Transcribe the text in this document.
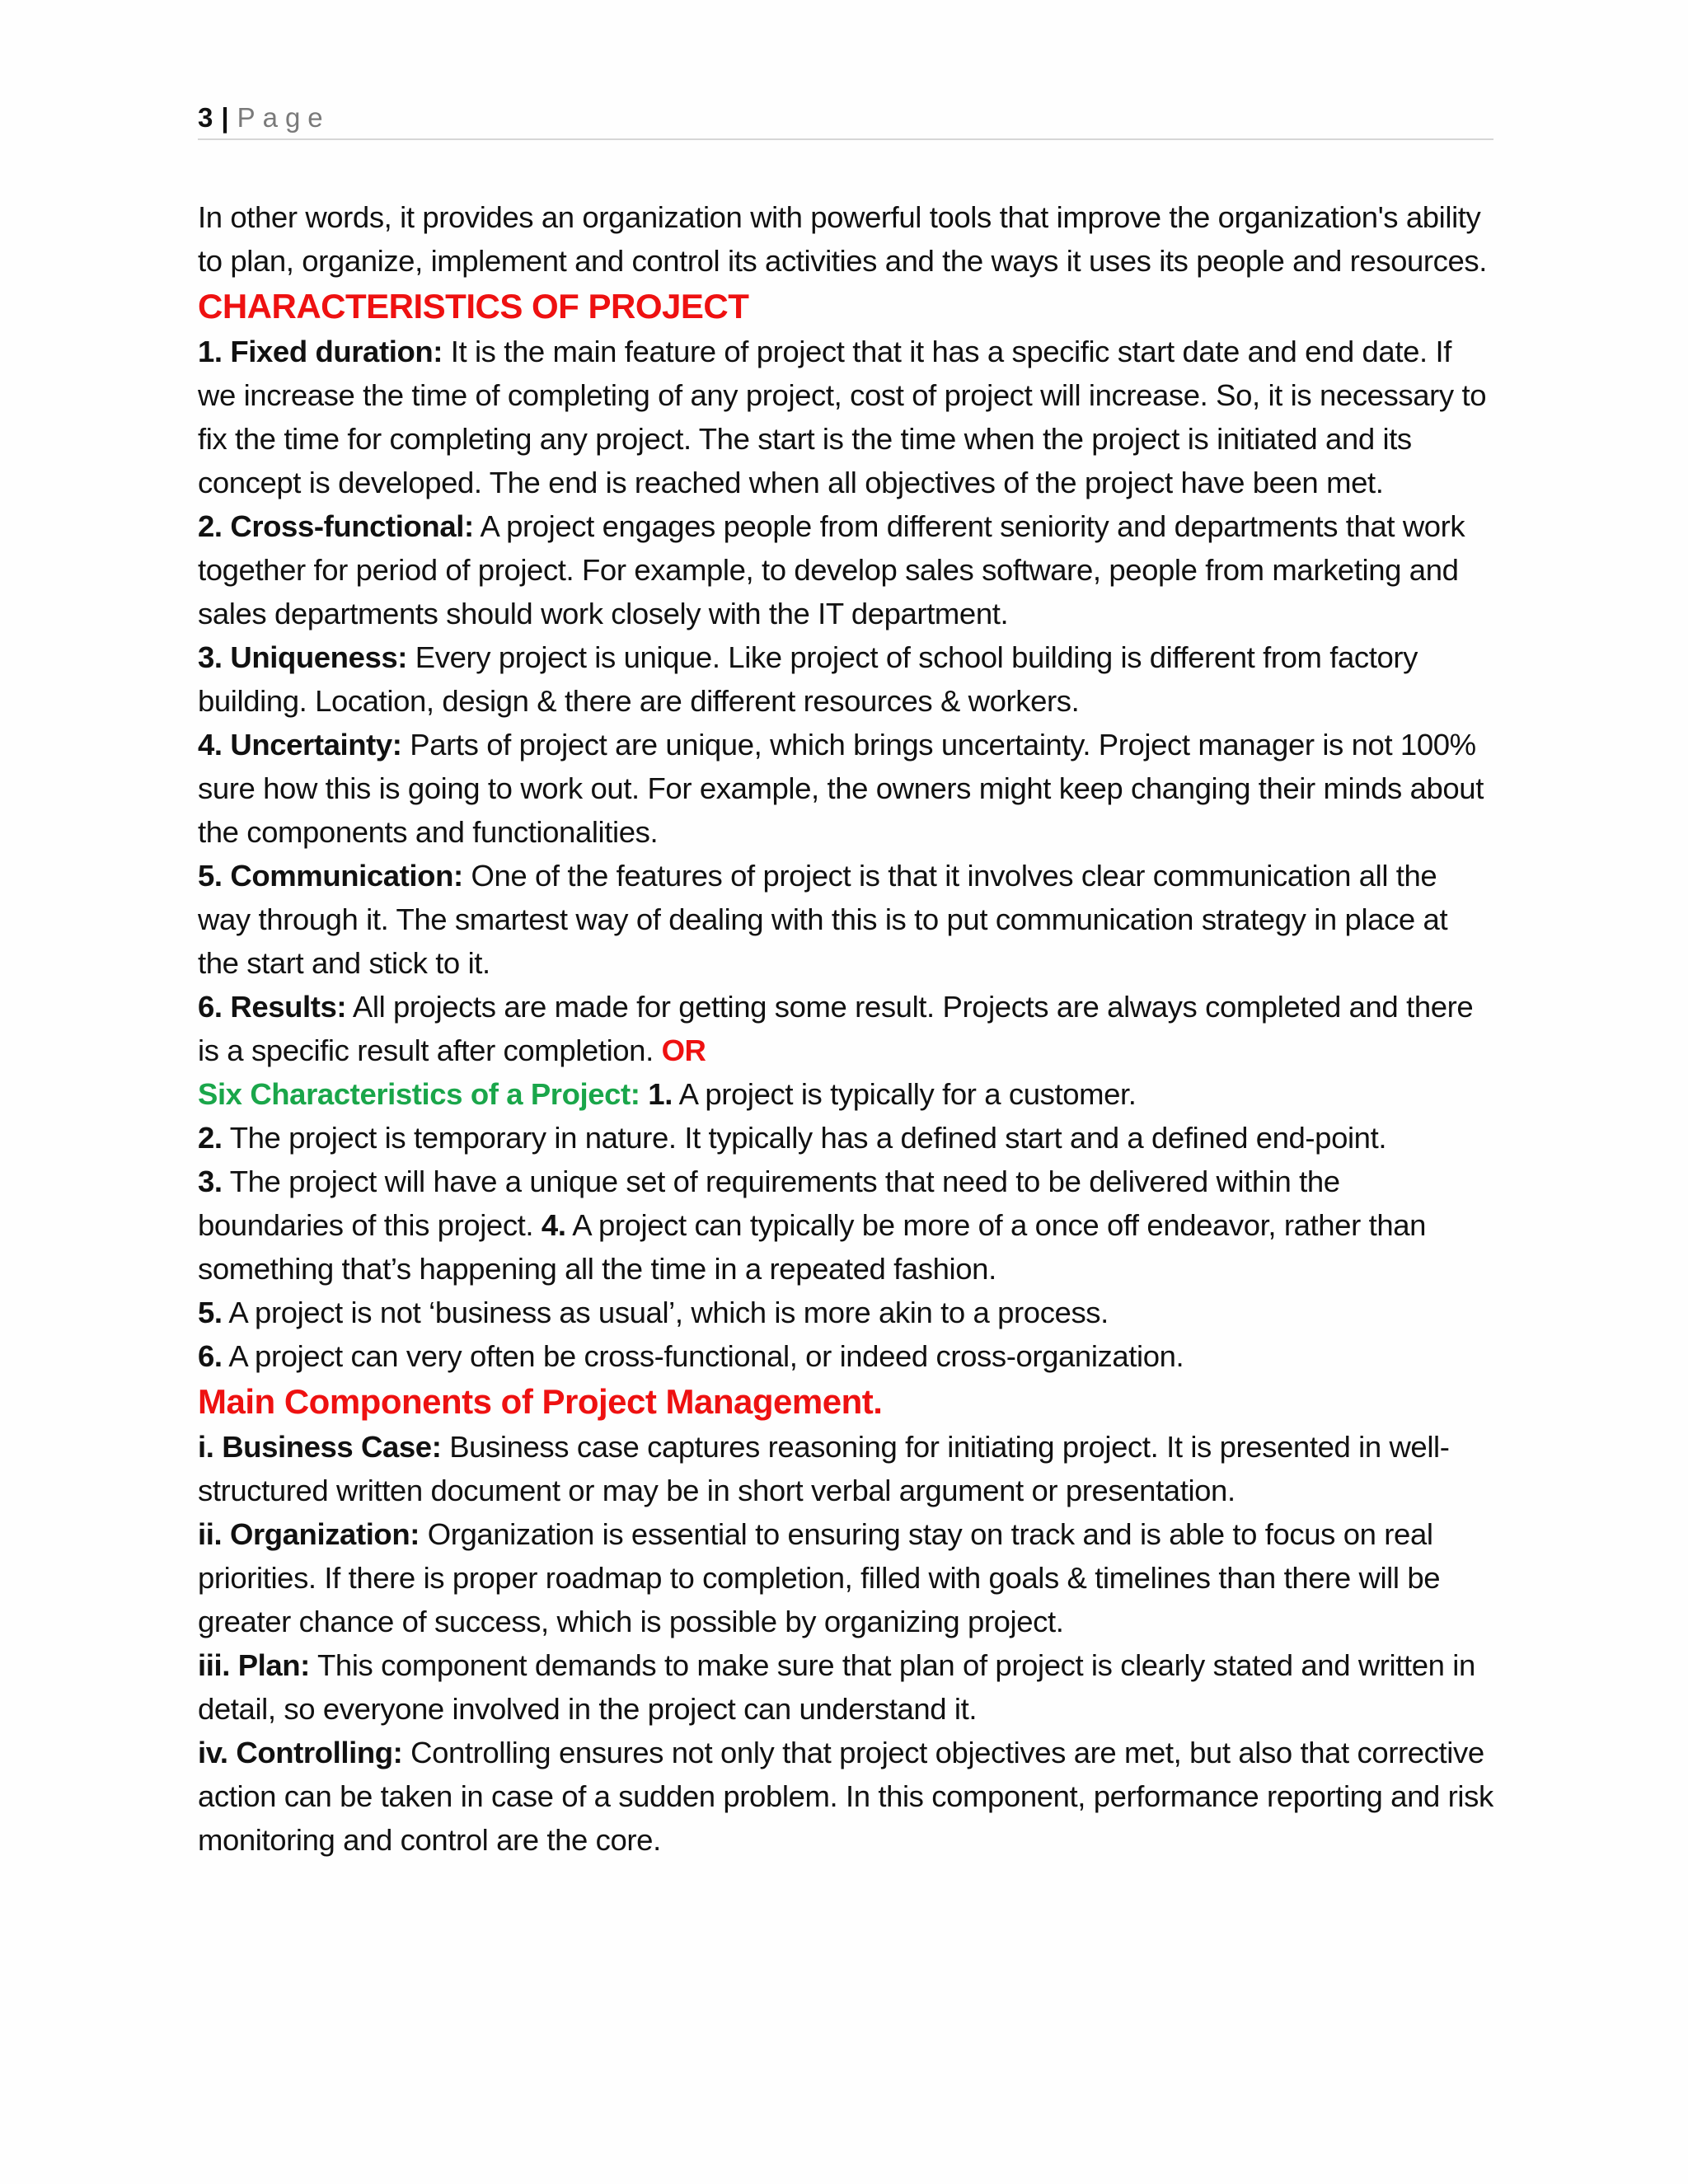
3 | Page

In other words, it provides an organization with powerful tools that improve the organization's ability to plan, organize, implement and control its activities and the ways it uses its people and resources.

CHARACTERISTICS OF PROJECT

1. Fixed duration: It is the main feature of project that it has a specific start date and end date. If we increase the time of completing of any project, cost of project will increase. So, it is necessary to fix the time for completing any project. The start is the time when the project is initiated and its concept is developed. The end is reached when all objectives of the project have been met.

2. Cross-functional: A project engages people from different seniority and departments that work together for period of project. For example, to develop sales software, people from marketing and sales departments should work closely with the IT department.

3. Uniqueness: Every project is unique. Like project of school building is different from factory building. Location, design & there are different resources & workers.

4. Uncertainty: Parts of project are unique, which brings uncertainty. Project manager is not 100% sure how this is going to work out. For example, the owners might keep changing their minds about the components and functionalities.

5. Communication: One of the features of project is that it involves clear communication all the way through it. The smartest way of dealing with this is to put communication strategy in place at the start and stick to it.

6. Results: All projects are made for getting some result. Projects are always completed and there is a specific result after completion. OR

Six Characteristics of a Project: 1. A project is typically for a customer.

2. The project is temporary in nature. It typically has a defined start and a defined end-point.

3. The project will have a unique set of requirements that need to be delivered within the boundaries of this project. 4. A project can typically be more of a once off endeavor, rather than something that’s happening all the time in a repeated fashion.

5. A project is not ‘business as usual’, which is more akin to a process.

6. A project can very often be cross-functional, or indeed cross-organization.

Main Components of Project Management.

i. Business Case: Business case captures reasoning for initiating project. It is presented in well-structured written document or may be in short verbal argument or presentation.

ii. Organization: Organization is essential to ensuring stay on track and is able to focus on real priorities. If there is proper roadmap to completion, filled with goals & timelines than there will be greater chance of success, which is possible by organizing project.

iii. Plan: This component demands to make sure that plan of project is clearly stated and written in detail, so everyone involved in the project can understand it.

iv. Controlling: Controlling ensures not only that project objectives are met, but also that corrective action can be taken in case of a sudden problem. In this component, performance reporting and risk monitoring and control are the core.
